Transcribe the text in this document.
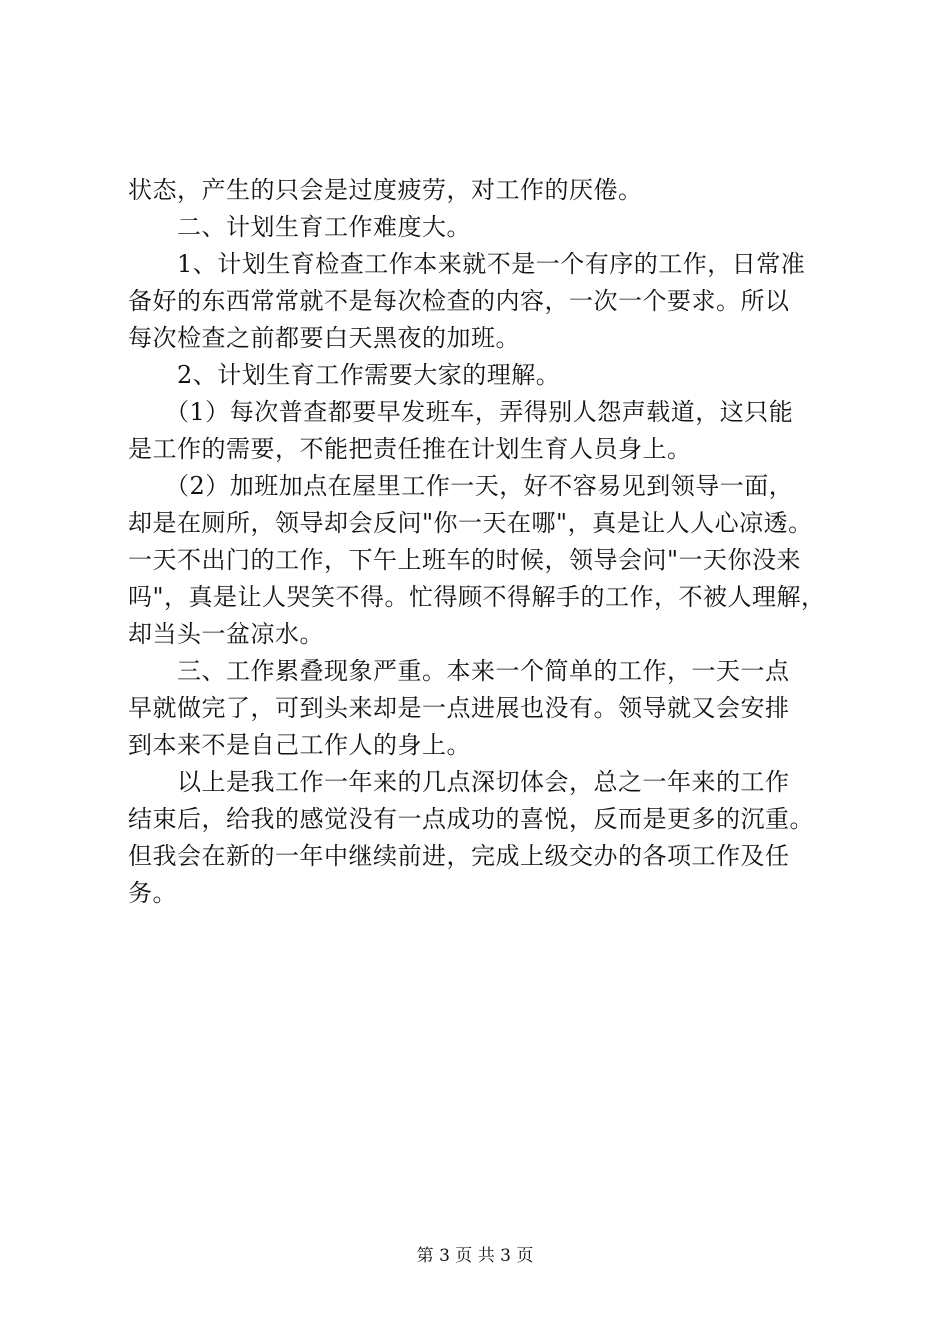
状态，产生的只会是过度疲劳，对工作的厌倦。
　　二、计划生育工作难度大。
　　1、计划生育检查工作本来就不是一个有序的工作，日常准
备好的东西常常就不是每次检查的内容，一次一个要求。所以
每次检查之前都要白天黑夜的加班。
　　2、计划生育工作需要大家的理解。
　　（1）每次普查都要早发班车，弄得别人怨声载道，这只能
是工作的需要，不能把责任推在计划生育人员身上。
　　（2）加班加点在屋里工作一天，好不容易见到领导一面，
却是在厕所，领导却会反问"你一天在哪"，真是让人人心凉透。
一天不出门的工作，下午上班车的时候，领导会问"一天你没来
吗"，真是让人哭笑不得。忙得顾不得解手的工作，不被人理解，
却当头一盆凉水。
　　三、工作累叠现象严重。本来一个简单的工作，一天一点
早就做完了，可到头来却是一点进展也没有。领导就又会安排
到本来不是自己工作人的身上。
　　以上是我工作一年来的几点深切体会，总之一年来的工作
结束后，给我的感觉没有一点成功的喜悦，反而是更多的沉重。
但我会在新的一年中继续前进，完成上级交办的各项工作及任
务。
第 3 页 共 3 页
